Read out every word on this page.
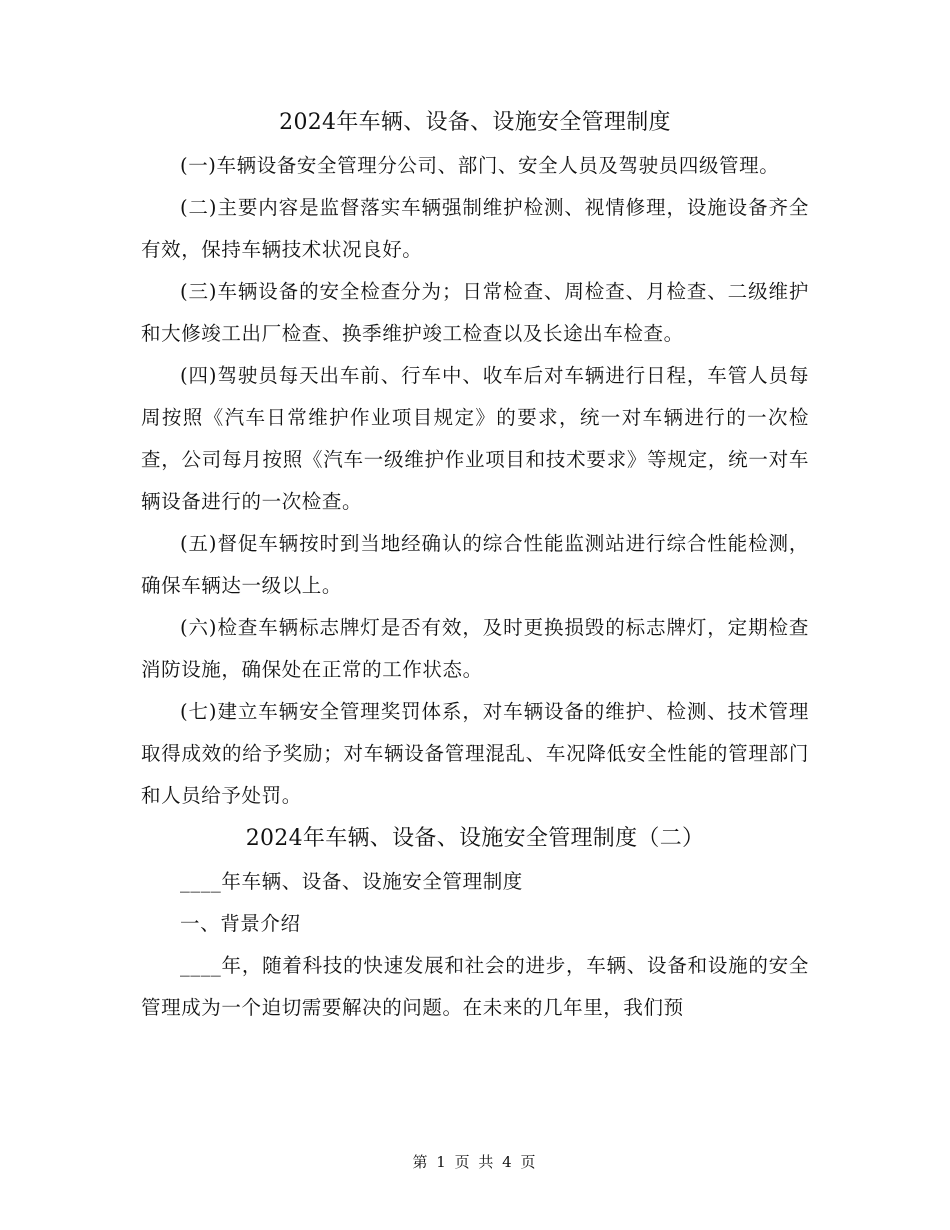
2024年车辆、设备、设施安全管理制度

(一)车辆设备安全管理分公司、部门、安全人员及驾驶员四级管理。

(二)主要内容是监督落实车辆强制维护检测、视情修理，设施设备齐全有效，保持车辆技术状况良好。

(三)车辆设备的安全检查分为；日常检查、周检查、月检查、二级维护和大修竣工出厂检查、换季维护竣工检查以及长途出车检查。

(四)驾驶员每天出车前、行车中、收车后对车辆进行日程，车管人员每周按照《汽车日常维护作业项目规定》的要求，统一对车辆进行的一次检查，公司每月按照《汽车一级维护作业项目和技术要求》等规定，统一对车辆设备进行的一次检查。

(五)督促车辆按时到当地经确认的综合性能监测站进行综合性能检测，确保车辆达一级以上。

(六)检查车辆标志牌灯是否有效，及时更换损毁的标志牌灯，定期检查消防设施，确保处在正常的工作状态。

(七)建立车辆安全管理奖罚体系，对车辆设备的维护、检测、技术管理取得成效的给予奖励；对车辆设备管理混乱、车况降低安全性能的管理部门和人员给予处罚。

2024年车辆、设备、设施安全管理制度（二）

____年车辆、设备、设施安全管理制度

一、背景介绍

____年，随着科技的快速发展和社会的进步，车辆、设备和设施的安全管理成为一个迫切需要解决的问题。在未来的几年里，我们预

第 1 页 共 4 页
